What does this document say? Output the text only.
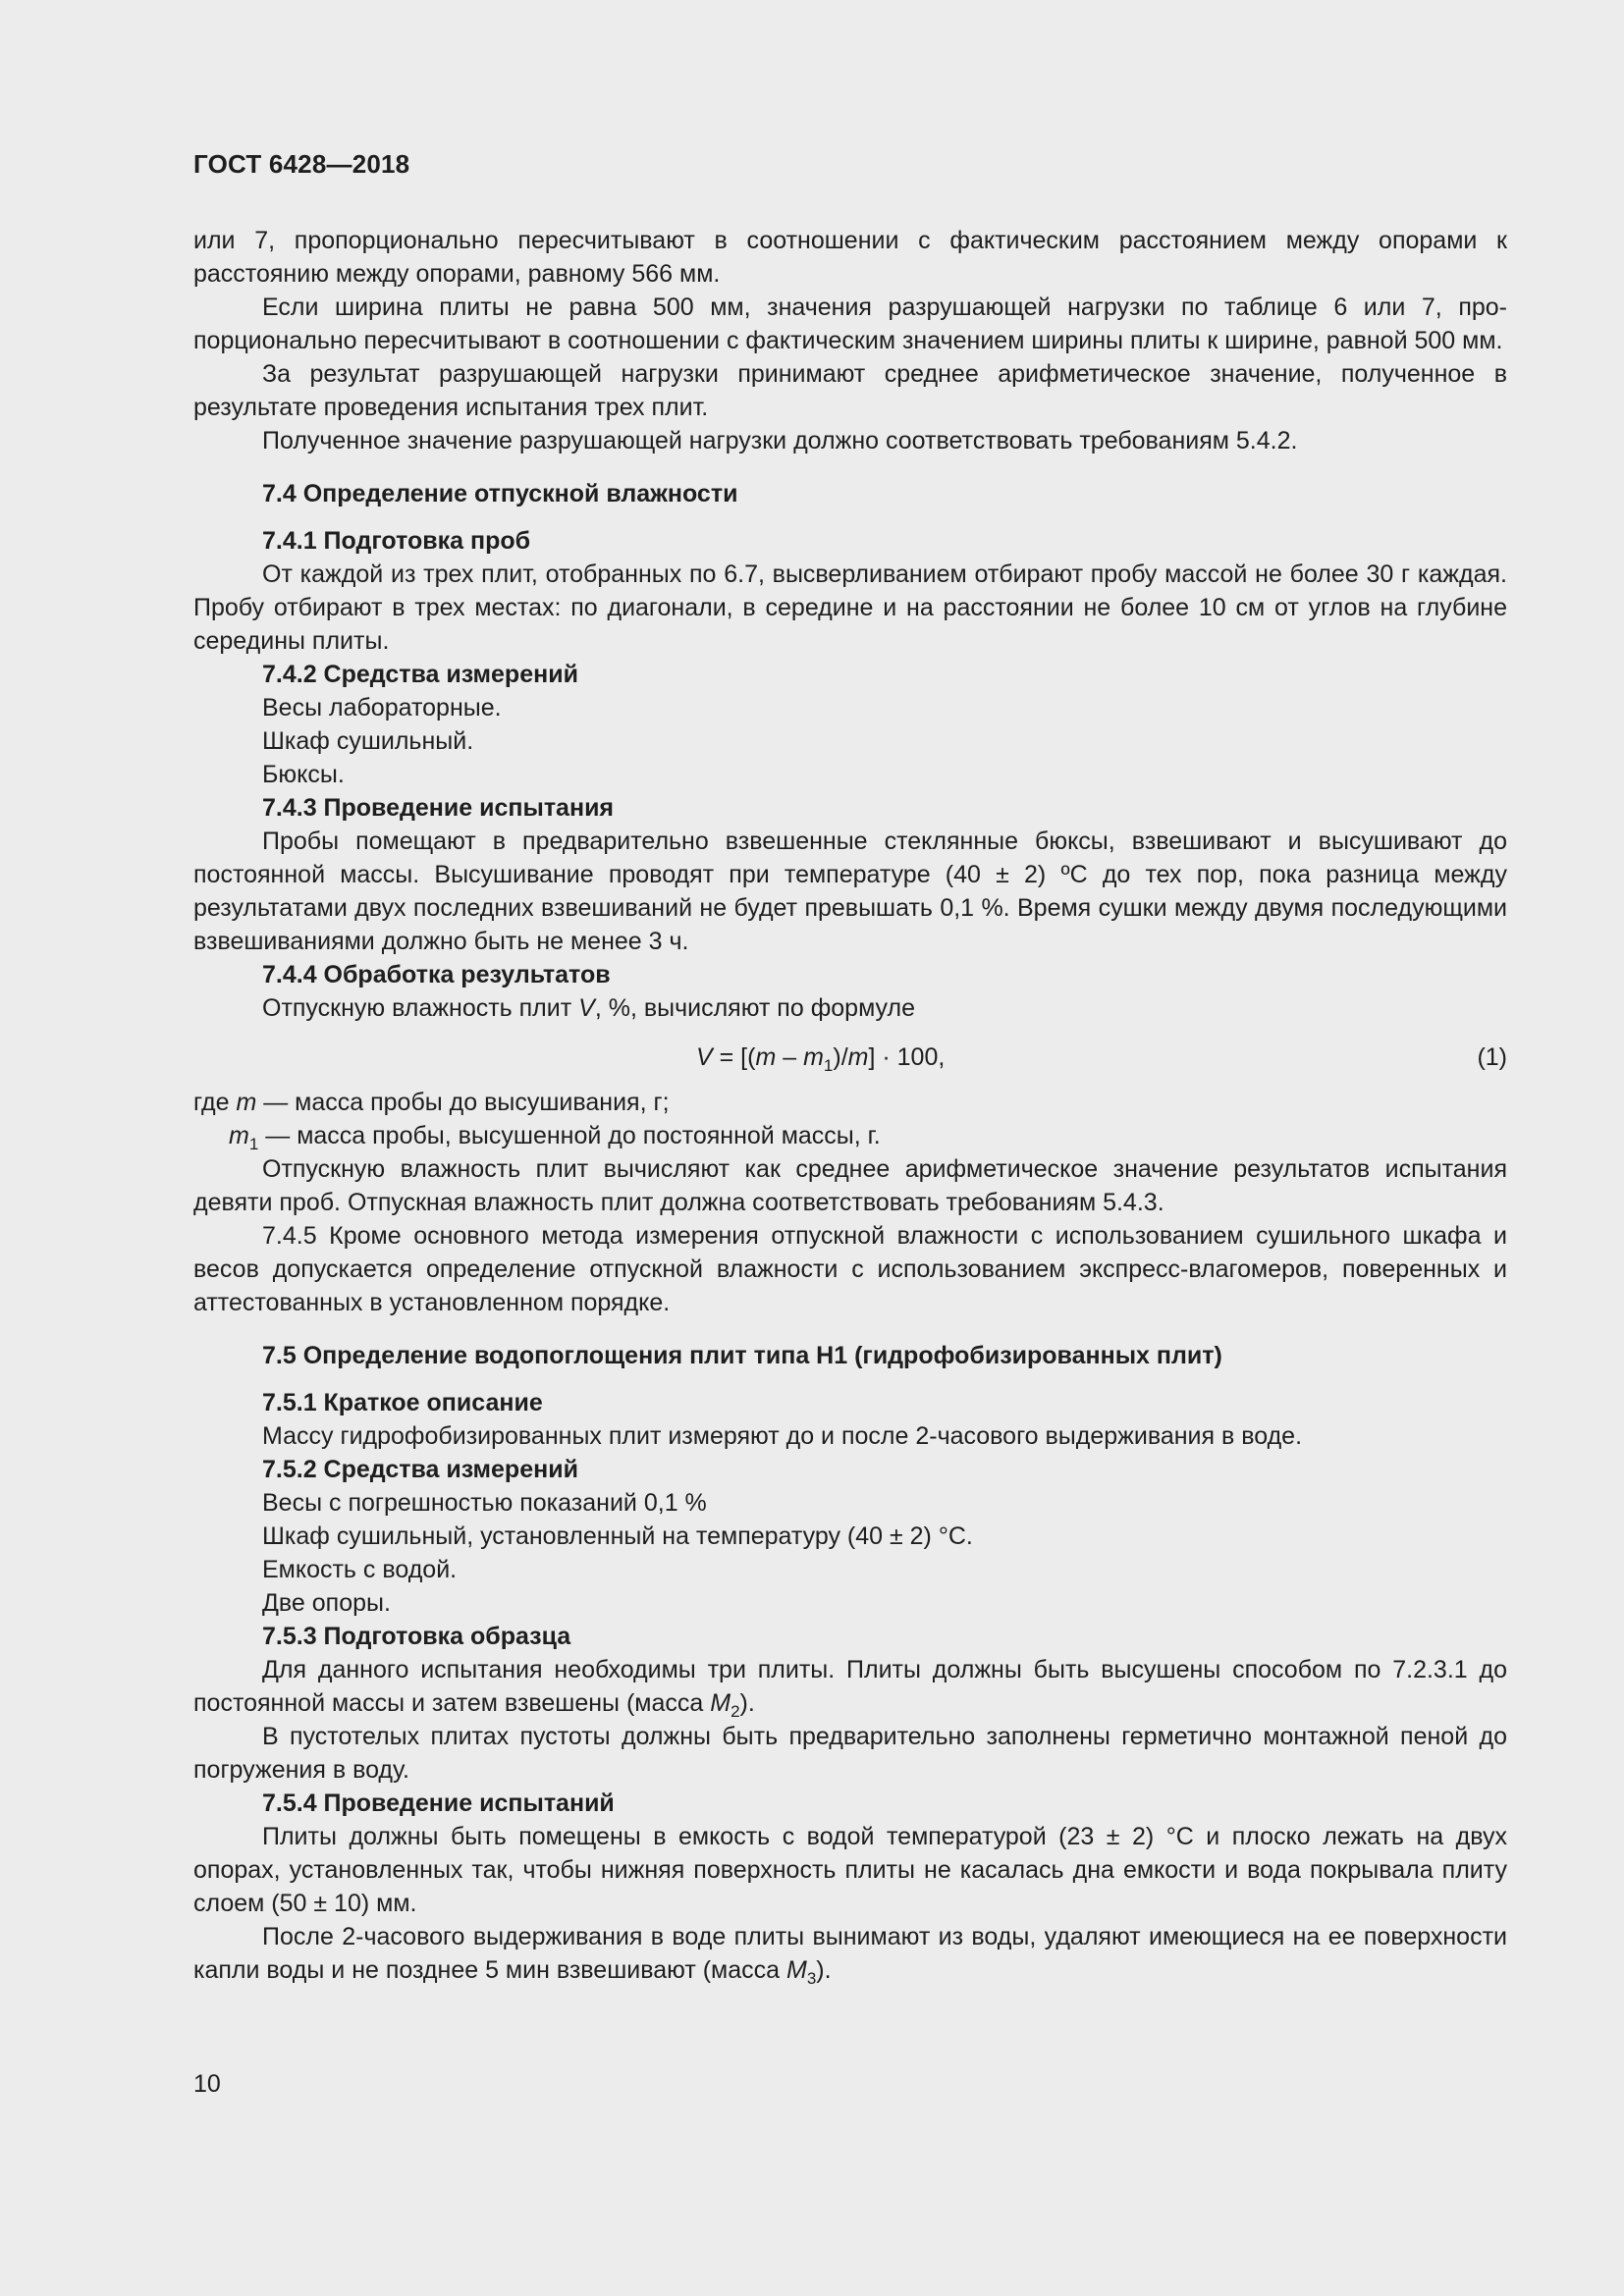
ГОСТ 6428—2018

или 7, пропорционально пересчитывают в соотношении с фактическим расстоянием между опорами к расстоянию между опорами, равному 566 мм.

Если ширина плиты не равна 500 мм, значения разрушающей нагрузки по таблице 6 или 7, пропорционально пересчитывают в соотношении с фактическим значением ширины плиты к ширине, равной 500 мм.

За результат разрушающей нагрузки принимают среднее арифметическое значение, полученное в результате проведения испытания трех плит.

Полученное значение разрушающей нагрузки должно соответствовать требованиям 5.4.2.

7.4 Определение отпускной влажности

7.4.1 Подготовка проб

От каждой из трех плит, отобранных по 6.7, высверливанием отбирают пробу массой не более 30 г каждая. Пробу отбирают в трех местах: по диагонали, в середине и на расстоянии не более 10 см от углов на глубине середины плиты.

7.4.2 Средства измерений

Весы лабораторные.

Шкаф сушильный.

Бюксы.

7.4.3 Проведение испытания

Пробы помещают в предварительно взвешенные стеклянные бюксы, взвешивают и высушивают до постоянной массы. Высушивание проводят при температуре (40 ± 2) ºС до тех пор, пока разница между результатами двух последних взвешиваний не будет превышать 0,1 %. Время сушки между двумя последующими взвешиваниями должно быть не менее 3 ч.

7.4.4 Обработка результатов

Отпускную влажность плит V, %, вычисляют по формуле

$V = [(m - m_1)/m] \cdot 100$,	(1)

где m — масса пробы до высушивания, г;

$m_1$ — масса пробы, высушенной до постоянной массы, г.

Отпускную влажность плит вычисляют как среднее арифметическое значение результатов испытания девяти проб. Отпускная влажность плит должна соответствовать требованиям 5.4.3.

7.4.5 Кроме основного метода измерения отпускной влажности с использованием сушильного шкафа и весов допускается определение отпускной влажности с использованием экспресс-влагомеров, поверенных и аттестованных в установленном порядке.

7.5 Определение водопоглощения плит типа Н1 (гидрофобизированных плит)

7.5.1 Краткое описание

Массу гидрофобизированных плит измеряют до и после 2-часового выдерживания в воде.

7.5.2 Средства измерений

Весы с погрешностью показаний 0,1 %

Шкаф сушильный, установленный на температуру (40 ± 2) °С.

Емкость с водой.

Две опоры.

7.5.3 Подготовка образца

Для данного испытания необходимы три плиты. Плиты должны быть высушены способом по 7.2.3.1 до постоянной массы и затем взвешены (масса $M_2$).

В пустотелых плитах пустоты должны быть предварительно заполнены герметично монтажной пеной до погружения в воду.

7.5.4 Проведение испытаний

Плиты должны быть помещены в емкость с водой температурой (23 ± 2) °С и плоско лежать на двух опорах, установленных так, чтобы нижняя поверхность плиты не касалась дна емкости и вода покрывала плиту слоем (50 ± 10) мм.

После 2-часового выдерживания в воде плиты вынимают из воды, удаляют имеющиеся на ее поверхности капли воды и не позднее 5 мин взвешивают (масса $M_3$).

10
